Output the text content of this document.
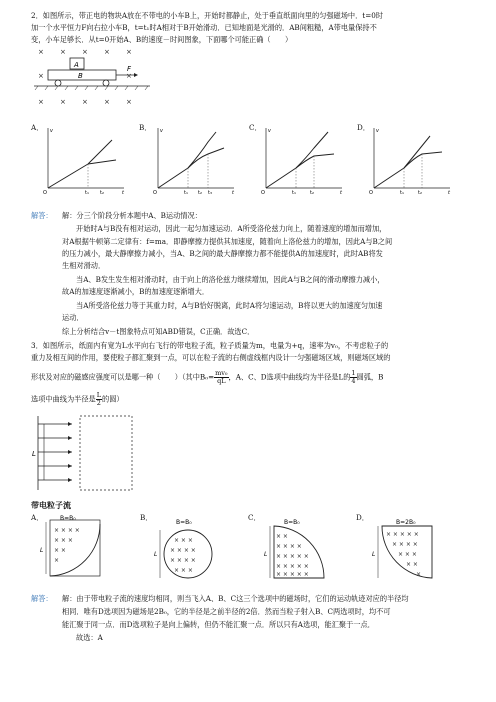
2．如图所示，带正电的物块A放在不带电的小车B上，开始时都静止，处于垂直纸面向里的匀强磁场中．t=0时
加一个水平恒力F向右拉小车B，t=t₁时A相对于B开始滑动．已知地面是光滑的．AB间粗糙，A带电量保持不
变，小车足够长．从t=0开始A、B的速度－时间图象，下面哪个可能正确（　　）
×
× × × ×
×
×
A
B
F
× × × × ×
A．	B．	C．	D．
O
v
t
t₁ t₂	O
v
t
t₁ t₂ t₃	O
v
t
t₁	t₂	O
v
t
t₁	t₂
解答： 解：分三个阶段分析本题中A、B运动情况：
开始时A与B没有相对运动，因此一起匀加速运动．A所受洛伦兹力向上，随着速度的增加而增加，
对A根据牛顿第二定律有：f=ma．即静摩擦力提供其加速度，随着向上洛伦兹力的增加，因此A与B之间
的压力减小，最大静摩擦力减小，当A、B之间的最大静摩擦力都不能提供A的加速度时，此时AB将发
生相对滑动．
当A、B发生发生相对滑动时，由于向上的洛伦兹力继续增加，因此A与B之间的滑动摩擦力减小，
故A的加速度逐渐减小，B的加速度逐渐增大．
当A所受洛伦兹力等于其重力时，A与B恰好脱离，此时A将匀速运动，B将以更大的加速度匀加速
运动．
综上分析结合v－t图象特点可知ABD错误，C正确．故选C．
3．如图所示，纸面内有宽为L水平向右飞行的带电粒子流，粒子质量为m，电量为+q，速率为v₀，不考虑粒子的
重力及相互间的作用，要使粒子都汇聚到一点，可以在粒子流的右侧虚线框内设计一匀强磁场区域，则磁场区域的
形状及对应的磁感应强度可以是哪一种（　　）（其中$B_0= \frac{\text{mv₀}}{qL}$ ，A、C、D选项中曲线均为半径是L的 $\frac{1}{4}$ 圆弧，B
选项中曲线为半径是 $\frac{L}{2}$ 的圆）
L
带电粒子流
A．	B．	C．	D．
B=B₀
L
× × × ×
× × ×
× ×
×
B=B₀
L
× × ×
× × × ×
× × × ×
× × ×
B=B₀
L
× ×
× × × ×
× × × × ×
× × × × ×
× × × × ×
B=2B₀
L
× × × × ×
× × × ×
× × ×
× ×
×
解答： 解：由于带电粒子流的速度均相同，则当飞入A、B、C这三个选项中的磁场时，它们的运动轨迹对应的半径均
相同．唯有D选项因为磁场是2B₀，它的半径是之前半径的2倍．然而当粒子射入B、C两选项时，均不可
能汇聚于同一点．而D选项粒子是向上偏转，但仍不能汇聚一点．所以只有A选项，能汇聚于一点．
故选：A
